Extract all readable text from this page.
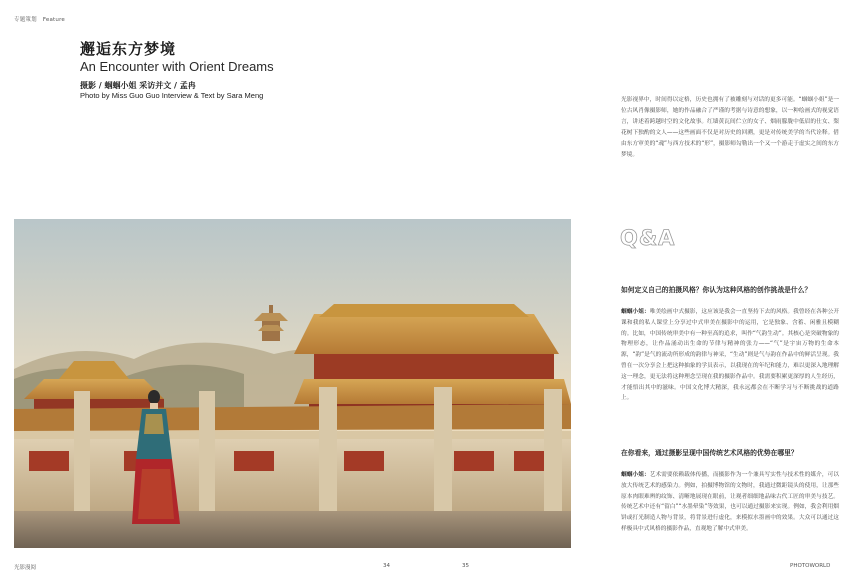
专题策划 Feature
邂逅东方梦境
An Encounter with Orient Dreams
摄影 / 蝈蝈小姐 采访并文 / 孟冉
Photo by Miss Guo Guo Interview & Text by Sara Meng	光影视界中，时间得以定格，历史也拥有了被雕刻与对话的更多可能。“蝈蝈小姐”是一位古风肖像摄影师，她的作品融合了严谨的考据与诗意的想象，以一种绘画式的视觉语言，讲述着跨越时空的文化故事。红墙黄瓦间伫立的女子、烟雨朦胧中低眉的仕女、梨花树下独酌的文人——这些画面不仅是对历史的回溯，更是对传统美学的当代诠释。借由东方审美的“魂”与西方技术的“形”，摄影师勾勒出一个又一个游走于虚实之间的东方梦境。
Q&A
如何定义自己的拍摄风格？你认为这种风格的创作挑战是什么？
蝈蝈小姐：唯美绘画中式摄影，这应该是我会一直坚持下去的风格。我曾经在各种公开课和我的私人课堂上分享过中式审美在摄影中的运用，它是独象、含蓄、闲雅且模糊的。比如，中国传统审美中有一种至高的追求，叫作“气韵生动”。其核心是突破物象的物理形态，让作品涌动出生命的节律与精神的张力——“气”是宇宙万物的生命本源，“韵”是气的流动所形成的韵律与神采，“生动”则是气与韵在作品中的鲜活呈现。我曾在一次分享会上把这种抽象的学员表示，以我现在的年纪和能力，难以更深入地理解这一理念，更无法将这种理念呈现在我的摄影作品中。我需要积累更深厚的人生经历，才能悟出其中的滋味。中国文化博大精深，我永远都会在不断学习与不断挑战的道路上。
在你看来，通过摄影呈现中国传统艺术风格的优势在哪里？
蝈蝈小姐：艺术需要依赖载体传播，而摄影作为一个兼具写实性与技术性的媒介，可以放大传统艺术的感染力。例如，拍摄博物馆的文物时，我通过微距镜头的使用，让那些原本肉眼难辨的纹饰、清晰地展现在眼前，让观者细细地品味古代工匠的审美与技艺。传统艺术中还有“留白”“水墨晕染”等效果，也可以通过摄影来实现。例如，我会利用烟饼或打光制造人物与背景，将背景进行虚化，来模拟水墨画中的效果。大众可以通过这样极具中式风格的摄影作品，直观地了解中式审美。
光影漫阅	34	35	PHOTOWORLD
